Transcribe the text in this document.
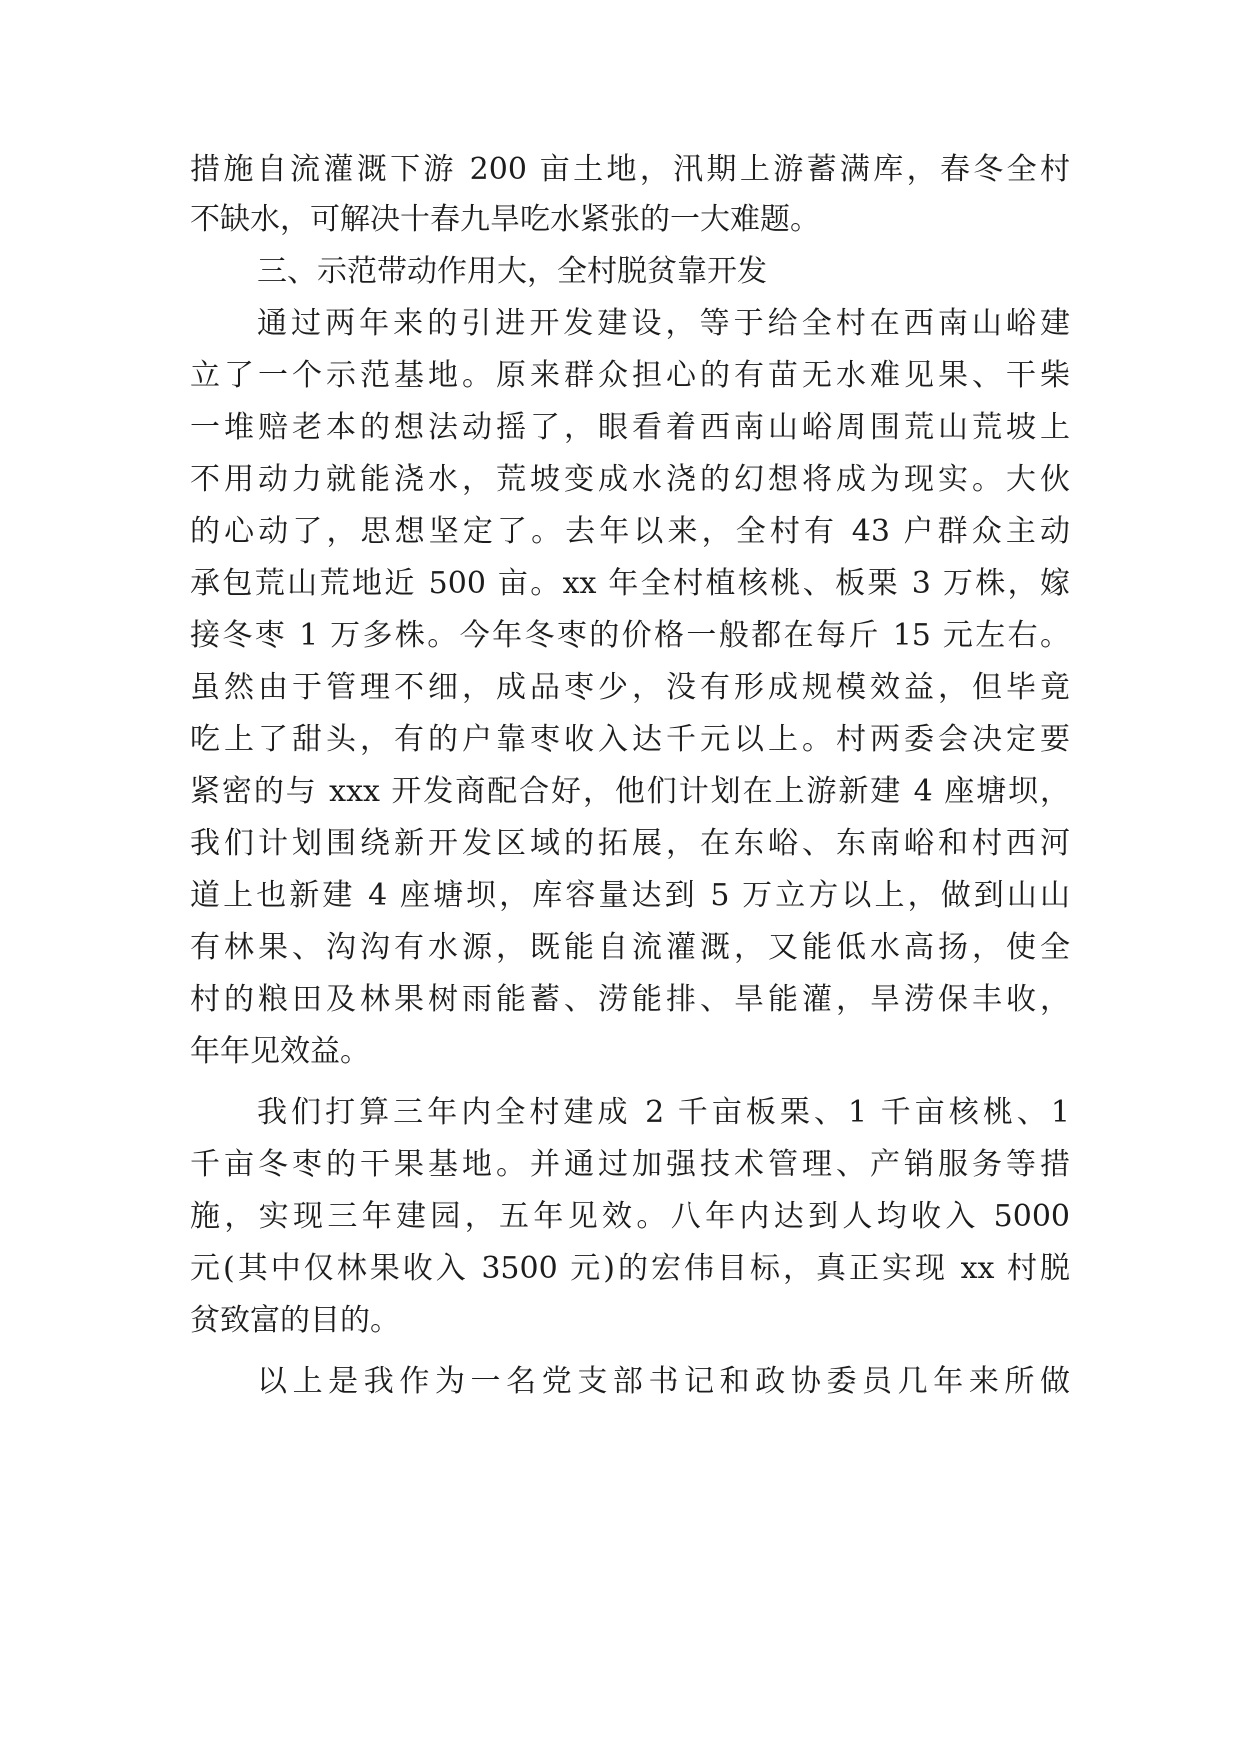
措施自流灌溉下游 200 亩土地，汛期上游蓄满库，春冬全村

不缺水，可解决十春九旱吃水紧张的一大难题。

三、示范带动作用大，全村脱贫靠开发

通过两年来的引进开发建设，等于给全村在西南山峪建

立了一个示范基地。原来群众担心的有苗无水难见果、干柴

一堆赔老本的想法动摇了，眼看着西南山峪周围荒山荒坡上

不用动力就能浇水，荒坡变成水浇的幻想将成为现实。大伙

的心动了，思想坚定了。去年以来，全村有 43 户群众主动

承包荒山荒地近 500 亩。xx 年全村植核桃、板栗 3 万株，嫁

接冬枣 1 万多株。今年冬枣的价格一般都在每斤 15 元左右。

虽然由于管理不细，成品枣少，没有形成规模效益，但毕竟

吃上了甜头，有的户靠枣收入达千元以上。村两委会决定要

紧密的与 xxx 开发商配合好，他们计划在上游新建 4 座塘坝，

我们计划围绕新开发区域的拓展，在东峪、东南峪和村西河

道上也新建 4 座塘坝，库容量达到 5 万立方以上，做到山山

有林果、沟沟有水源，既能自流灌溉，又能低水高扬，使全

村的粮田及林果树雨能蓄、涝能排、旱能灌，旱涝保丰收，

年年见效益。

我们打算三年内全村建成 2 千亩板栗、1 千亩核桃、1

千亩冬枣的干果基地。并通过加强技术管理、产销服务等措

施，实现三年建园，五年见效。八年内达到人均收入 5000

元(其中仅林果收入 3500 元)的宏伟目标，真正实现 xx 村脱

贫致富的目的。

以上是我作为一名党支部书记和政协委员几年来所做
